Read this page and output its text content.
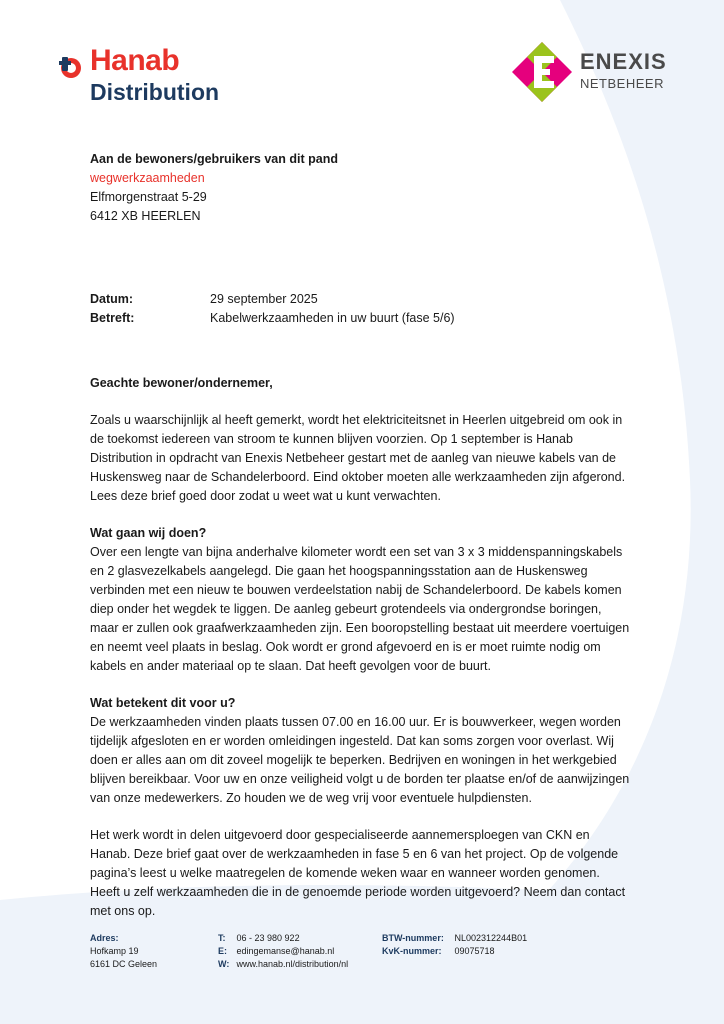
Hanab
Distribution
ENEXIS
NETBEHEER
Aan de bewoners/gebruikers van dit pand
wegwerkzaamheden
Elfmorgenstraat 5-29
6412 XB HEERLEN
Datum:	29 september 2025
Betreft:	Kabelwerkzaamheden in uw buurt (fase 5/6)

Geachte bewoner/ondernemer,

Zoals u waarschijnlijk al heeft gemerkt, wordt het elektriciteitsnet in Heerlen uitgebreid om ook in de toekomst iedereen van stroom te kunnen blijven voorzien. Op 1 september is Hanab Distribution in opdracht van Enexis Netbeheer gestart met de aanleg van nieuwe kabels van de Huskensweg naar de Schandelerboord. Eind oktober moeten alle werkzaamheden zijn afgerond. Lees deze brief goed door zodat u weet wat u kunt verwachten.

Wat gaan wij doen?

Over een lengte van bijna anderhalve kilometer wordt een set van 3 x 3 middenspanningskabels en 2 glasvezelkabels aangelegd. Die gaan het hoogspanningsstation aan de Huskensweg verbinden met een nieuw te bouwen verdeelstation nabij de Schandelerboord. De kabels komen diep onder het wegdek te liggen. De aanleg gebeurt grotendeels via ondergrondse boringen, maar er zullen ook graafwerkzaamheden zijn. Een booropstelling bestaat uit meerdere voertuigen en neemt veel plaats in beslag. Ook wordt er grond afgevoerd en is er moet ruimte nodig om kabels en ander materiaal op te slaan. Dat heeft gevolgen voor de buurt.

Wat betekent dit voor u?

De werkzaamheden vinden plaats tussen 07.00 en 16.00 uur. Er is bouwverkeer, wegen worden tijdelijk afgesloten en er worden omleidingen ingesteld. Dat kan soms zorgen voor overlast. Wij doen er alles aan om dit zoveel mogelijk te beperken. Bedrijven en woningen in het werkgebied blijven bereikbaar. Voor uw en onze veiligheid volgt u de borden ter plaatse en/of de aanwijzingen van onze medewerkers. Zo houden we de weg vrij voor eventuele hulpdiensten.

Het werk wordt in delen uitgevoerd door gespecialiseerde aannemersploegen van CKN en Hanab. Deze brief gaat over de werkzaamheden in fase 5 en 6 van het project. Op de volgende pagina’s leest u welke maatregelen de komende weken waar en wanneer worden genomen. Heeft u zelf werkzaamheden die in de genoemde periode worden uitgevoerd? Neem dan contact met ons op.

Adres:
Hofkamp 19
6161 DC Geleen
T: 06 - 23 980 922
E: edingemanse@hanab.nl
W: www.hanab.nl/distribution/nl
BTW-nummer: NL002312244B01
KvK-nummer: 09075718
